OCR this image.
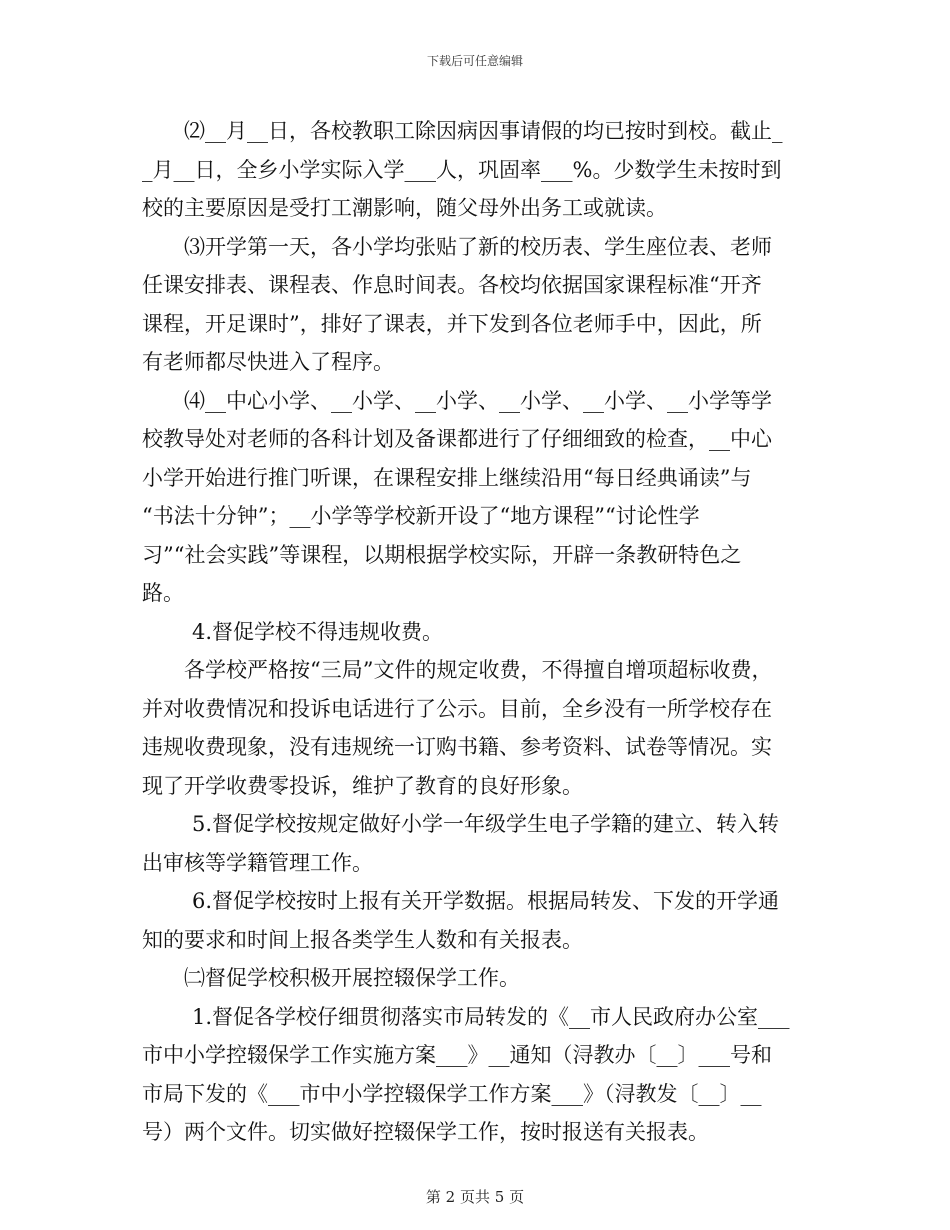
下载后可任意编辑
⑵__月__日，各校教职工除因病因事请假的均已按时到校。截止_
_月__日，全乡小学实际入学___人，巩固率___%。少数学生未按时到
校的主要原因是受打工潮影响，随父母外出务工或就读。
⑶开学第一天，各小学均张贴了新的校历表、学生座位表、老师
任课安排表、课程表、作息时间表。各校均依据国家课程标准“开齐
课程，开足课时”，排好了课表，并下发到各位老师手中，因此，所
有老师都尽快进入了程序。
⑷__中心小学、__小学、__小学、__小学、__小学、__小学等学
校教导处对老师的各科计划及备课都进行了仔细细致的检查，__中心
小学开始进行推门听课，在课程安排上继续沿用“每日经典诵读”与
“书法十分钟”；__小学等学校新开设了“地方课程”“讨论性学
习”“社会实践”等课程，以期根据学校实际，开辟一条教研特色之
路。
4.督促学校不得违规收费。
各学校严格按“三局”文件的规定收费，不得擅自增项超标收费，
并对收费情况和投诉电话进行了公示。目前，全乡没有一所学校存在
违规收费现象，没有违规统一订购书籍、参考资料、试卷等情况。实
现了开学收费零投诉，维护了教育的良好形象。
5.督促学校按规定做好小学一年级学生电子学籍的建立、转入转
出审核等学籍管理工作。
6.督促学校按时上报有关开学数据。根据局转发、下发的开学通
知的要求和时间上报各类学生人数和有关报表。
㈡督促学校积极开展控辍保学工作。
1.督促各学校仔细贯彻落实市局转发的《__市人民政府办公室___
市中小学控辍保学工作实施方案___》__通知（浔教办〔__〕___号和
市局下发的《___市中小学控辍保学工作方案___》（浔教发〔__〕__
号）两个文件。切实做好控辍保学工作，按时报送有关报表。
第 2 页共 5 页
